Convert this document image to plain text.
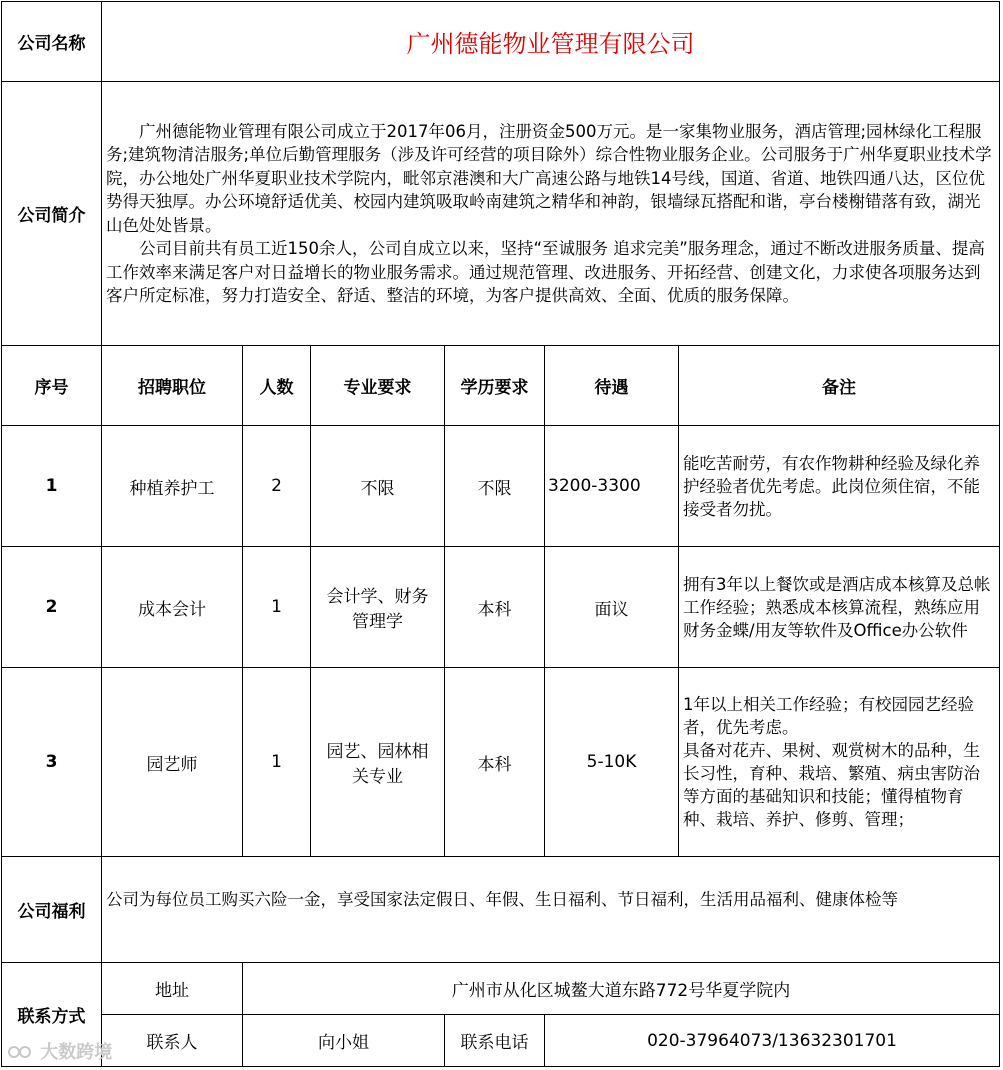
公司名称	广州德能物业管理有限公司					
公司简介	广州德能物业管理有限公司成立于2017年06月，注册资金500万元。是一家集物业服务，酒店管理;园林绿化工程服务;建筑物清洁服务;单位后勤管理服务（涉及许可经营的项目除外）综合性物业服务企业。公司服务于广州华夏职业技术学院，办公地处广州华夏职业技术学院内，毗邻京港澳和大广高速公路与地铁14号线，国道、省道、地铁四通八达，区位优势得天独厚。办公环境舒适优美、校园内建筑吸取岭南建筑之精华和神韵，银墙绿瓦搭配和谐，亭台楼榭错落有致，湖光山色处处皆景。

公司目前共有员工近150余人，公司自成立以来，坚持“至诚服务 追求完美”服务理念，通过不断改进服务质量、提高工作效率来满足客户对日益增长的物业服务需求。通过规范管理、改进服务、开拓经营、创建文化，力求使各项服务达到客户所定标准，努力打造安全、舒适、整洁的环境，为客户提供高效、全面、优质的服务保障。					

序号	招聘职位	人数	专业要求	学历要求	待遇	备注
1	种植养护工	2	不限	不限	3200-3300	能吃苦耐劳，有农作物耕种经验及绿化养护经验者优先考虑。此岗位须住宿，不能接受者勿扰。

2	成本会计	1	会计学、财务管理学	本科	面议	拥有3年以上餐饮或是酒店成本核算及总帐工作经验；熟悉成本核算流程，熟练应用财务金蝶/用友等软件及Office办公软件

3	园艺师	1	园艺、园林相关专业	本科	5-10K	1年以上相关工作经验；有校园园艺经验者，优先考虑。
具备对花卉、果树、观赏树木的品种，生长习性，育种、栽培、繁殖、病虫害防治等方面的基础知识和技能；懂得植物育种、栽培、养护、修剪、管理；

公司福利	公司为每位员工购买六险一金，享受国家法定假日、年假、生日福利、节日福利，生活用品福利、健康体检等					
联系方式	地址	广州市从化区城鳌大道东路772号华夏学院内				
	联系人	向小姐		联系电话	020-37964073/13632301701	
大数跨境
